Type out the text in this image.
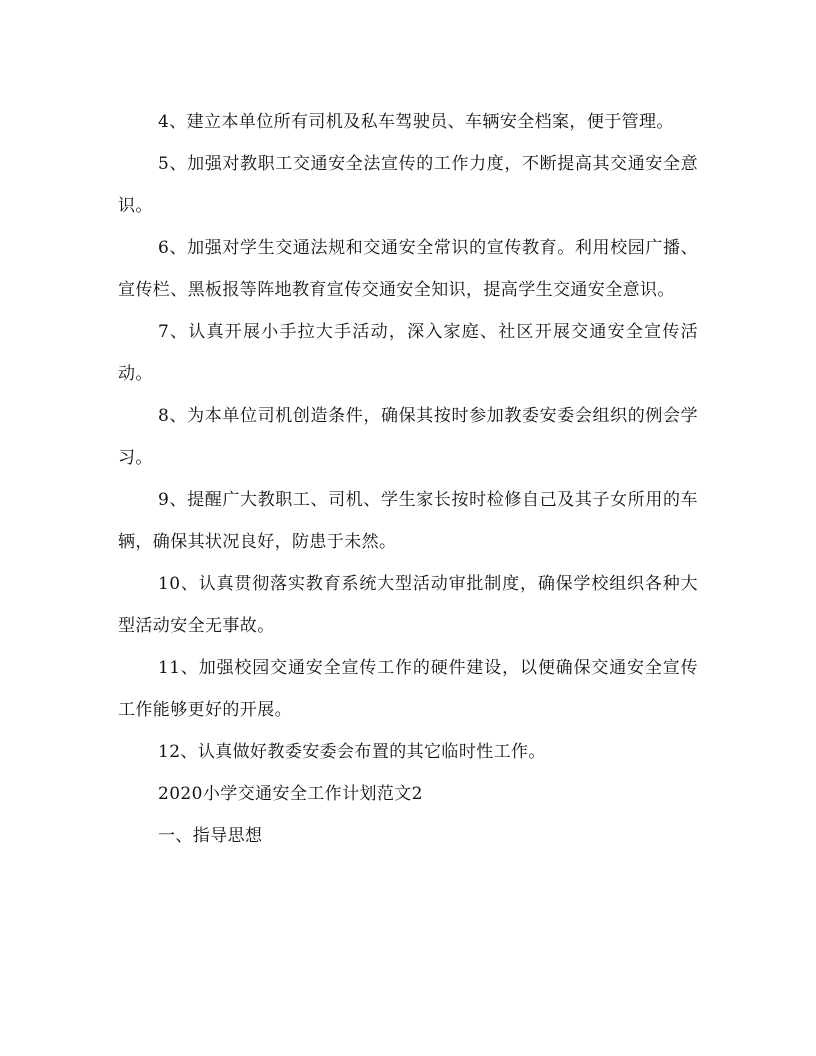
4、建立本单位所有司机及私车驾驶员、车辆安全档案，便于管理。

5、加强对教职工交通安全法宣传的工作力度，不断提高其交通安全意识。

6、加强对学生交通法规和交通安全常识的宣传教育。利用校园广播、宣传栏、黑板报等阵地教育宣传交通安全知识，提高学生交通安全意识。

7、认真开展小手拉大手活动，深入家庭、社区开展交通安全宣传活动。

8、为本单位司机创造条件，确保其按时参加教委安委会组织的例会学习。

9、提醒广大教职工、司机、学生家长按时检修自己及其子女所用的车辆，确保其状况良好，防患于未然。

10、认真贯彻落实教育系统大型活动审批制度，确保学校组织各种大型活动安全无事故。

11、加强校园交通安全宣传工作的硬件建设，以便确保交通安全宣传工作能够更好的开展。

12、认真做好教委安委会布置的其它临时性工作。

2020小学交通安全工作计划范文2

一、指导思想
